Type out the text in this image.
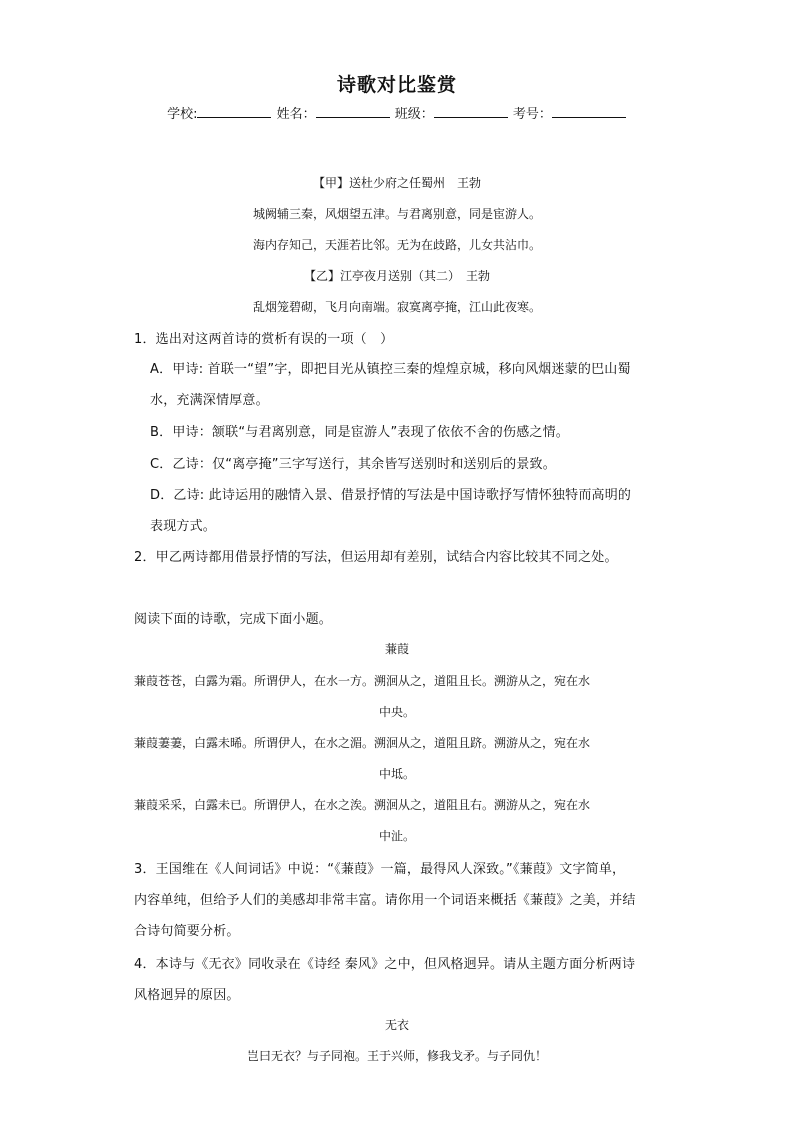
诗歌对比鉴赏
学校:	姓名：	班级：	考号：
【甲】送杜少府之任蜀州　王勃
城阙辅三秦，风烟望五津。与君离别意，同是宦游人。
海内存知己，天涯若比邻。无为在歧路，儿女共沾巾。
【乙】江亭夜月送别（其二）　王勃
乱烟笼碧砌，飞月向南端。寂寞离亭掩，江山此夜寒。
1．选出对这两首诗的赏析有误的一项（　）
A．甲诗: 首联一“望”字，即把目光从镇控三秦的煌煌京城，移向风烟迷蒙的巴山蜀
水，充满深情厚意。
B．甲诗：颔联“与君离别意，同是宦游人”表现了依依不舍的伤感之情。
C．乙诗：仅“离亭掩”三字写送行，其余皆写送别时和送别后的景致。
D．乙诗: 此诗运用的融情入景、借景抒情的写法是中国诗歌抒写情怀独特而高明的
表现方式。
2．甲乙两诗都用借景抒情的写法，但运用却有差别，试结合内容比较其不同之处。
阅读下面的诗歌，完成下面小题。
蒹葭
蒹葭苍苍，白露为霜。所谓伊人，在水一方。溯洄从之，道阻且长。溯游从之，宛在水
中央。
蒹葭萋萋，白露未晞。所谓伊人，在水之湄。溯洄从之，道阻且跻。溯游从之，宛在水
中坻。
蒹葭采采，白露未已。所谓伊人，在水之涘。溯洄从之，道阻且右。溯游从之，宛在水
中沚。
3．王国维在《人间词话》中说：“《蒹葭》一篇，最得风人深致。”《蒹葭》文字简单，
内容单纯，但给予人们的美感却非常丰富。请你用一个词语来概括《蒹葭》之美，并结
合诗句简要分析。
4．本诗与《无衣》同收录在《诗经 秦风》之中，但风格迥异。请从主题方面分析两诗
风格迥异的原因。
无衣
岂曰无衣？与子同袍。王于兴师，修我戈矛。与子同仇！
